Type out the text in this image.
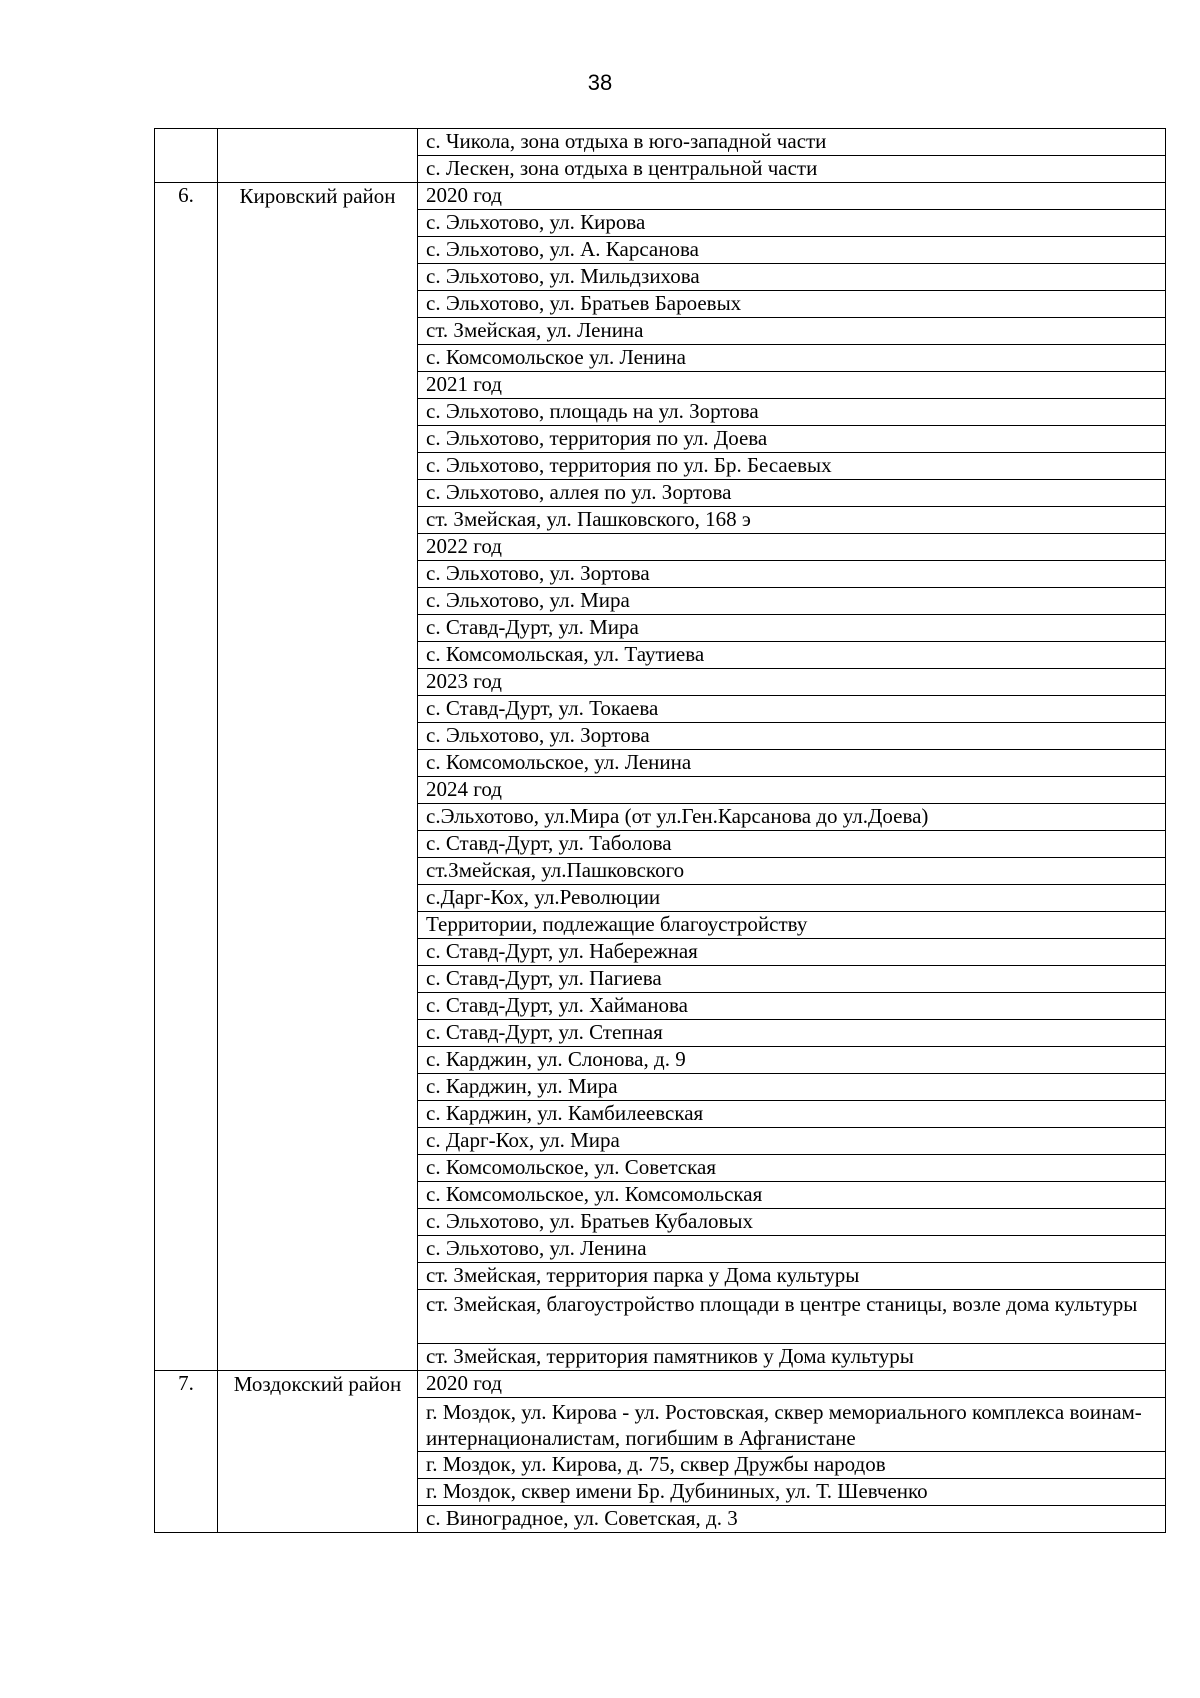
38
		с. Чикола, зона отдыха в юго-западной части
		с. Лескен, зона отдыха в центральной части
6.	Кировский район	2020 год
		с. Эльхотово, ул. Кирова
		с. Эльхотово, ул. А. Карсанова
		с. Эльхотово, ул. Мильдзихова
		с. Эльхотово, ул. Братьев Бароевых
		ст. Змейская, ул. Ленина
		с. Комсомольское ул. Ленина
		2021 год
		с. Эльхотово, площадь на ул. Зортова
		с. Эльхотово, территория по ул. Доева
		с. Эльхотово, территория по ул. Бр. Бесаевых
		с. Эльхотово, аллея по ул. Зортова
		ст. Змейская, ул. Пашковского, 168 э
		2022 год
		с. Эльхотово, ул. Зортова
		с. Эльхотово, ул. Мира
		с. Ставд-Дурт, ул. Мира
		с. Комсомольская, ул. Таутиева
		2023 год
		с. Ставд-Дурт, ул. Токаева
		с. Эльхотово, ул. Зортова
		с. Комсомольское, ул. Ленина
		2024 год
		с.Эльхотово, ул.Мира (от ул.Ген.Карсанова до ул.Доева)
		с. Ставд-Дурт, ул. Таболова
		ст.Змейская, ул.Пашковского
		с.Дарг-Кох, ул.Революции
		Территории, подлежащие благоустройству
		с. Ставд-Дурт, ул. Набережная
		с. Ставд-Дурт, ул. Пагиева
		с. Ставд-Дурт, ул. Хайманова
		с. Ставд-Дурт, ул. Степная
		с. Карджин, ул. Слонова, д. 9
		с. Карджин, ул. Мира
		с. Карджин, ул. Камбилеевская
		с. Дарг-Кох, ул. Мира
		с. Комсомольское, ул. Советская
		с. Комсомольское, ул. Комсомольская
		с. Эльхотово, ул. Братьев Кубаловых
		с. Эльхотово, ул. Ленина
		ст. Змейская, территория парка у Дома культуры
		ст. Змейская, благоустройство площади в центре станицы, возле дома культуры
		ст. Змейская, территория памятников у Дома культуры
7.	Моздокский район	2020 год
		г. Моздок, ул. Кирова - ул. Ростовская, сквер мемориального комплекса воинам-интернационалистам, погибшим в Афганистане
		г. Моздок, ул. Кирова, д. 75, сквер Дружбы народов
		г. Моздок, сквер имени Бр. Дубининых, ул. Т. Шевченко
		с. Виноградное, ул. Советская, д. 3
